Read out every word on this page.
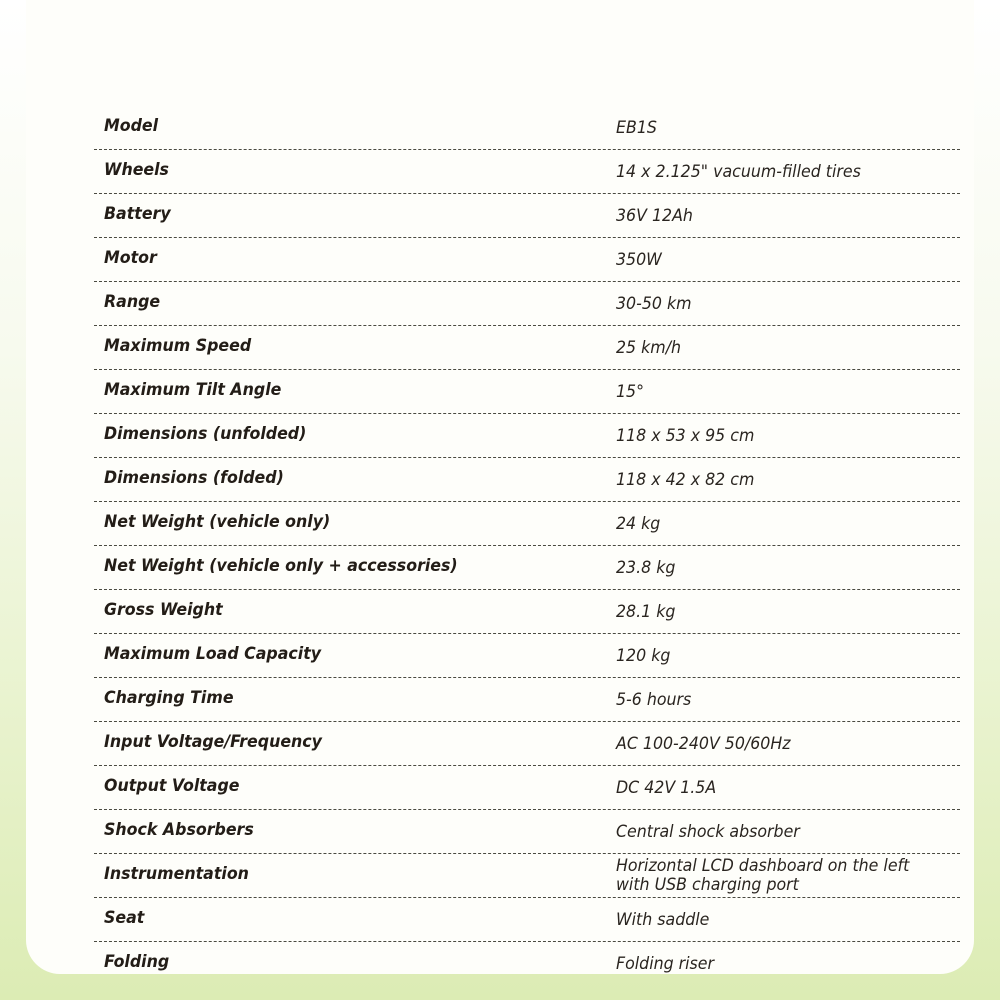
Model	EB1S
Wheels	14 x 2.125" vacuum-filled tires
Battery	36V 12Ah
Motor	350W
Range	30-50 km
Maximum Speed	25 km/h
Maximum Tilt Angle	15°
Dimensions (unfolded)	118 x 53 x 95 cm
Dimensions (folded)	118 x 42 x 82 cm
Net Weight (vehicle only)	24 kg
Net Weight (vehicle only + accessories)	23.8 kg
Gross Weight	28.1 kg
Maximum Load Capacity	120 kg
Charging Time	5-6 hours
Input Voltage/Frequency	AC 100-240V 50/60Hz
Output Voltage	DC 42V 1.5A
Shock Absorbers	Central shock absorber
Instrumentation	Horizontal LCD dashboard on the left with USB charging port
Seat	With saddle
Folding	Folding riser
